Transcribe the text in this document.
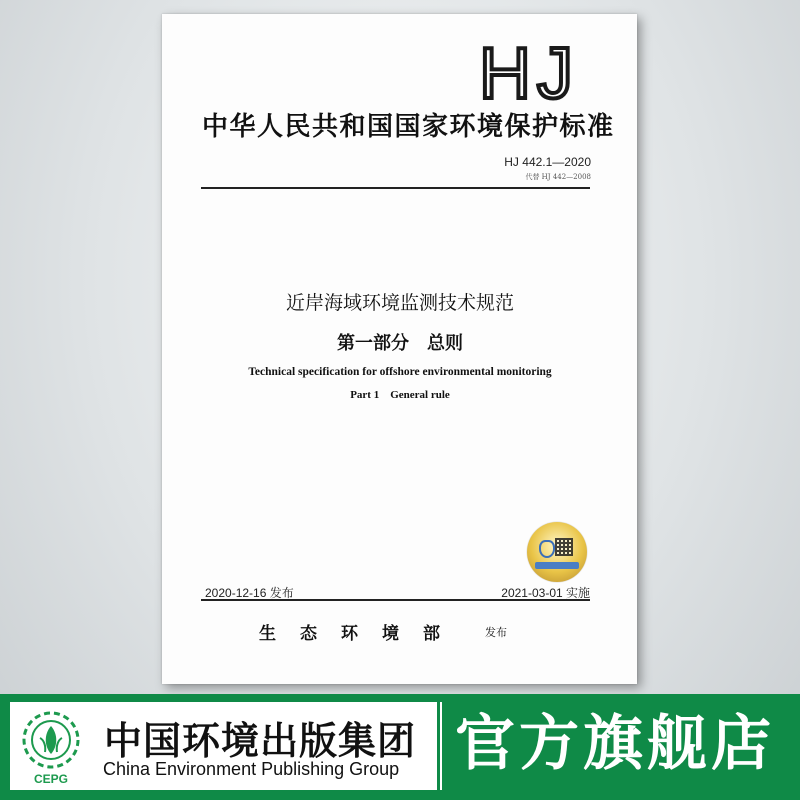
HJ
中华人民共和国国家环境保护标准
HJ 442.1—2020
代替 HJ 442—2008
近岸海域环境监测技术规范
第一部分　总则
Technical specification for offshore environmental monitoring
Part 1　General rule
2020-12-16 发布	2021-03-01 实施
生态环境部 发布
CEPG
中国环境出版集团
China Environment Publishing Group 官方旗舰店
